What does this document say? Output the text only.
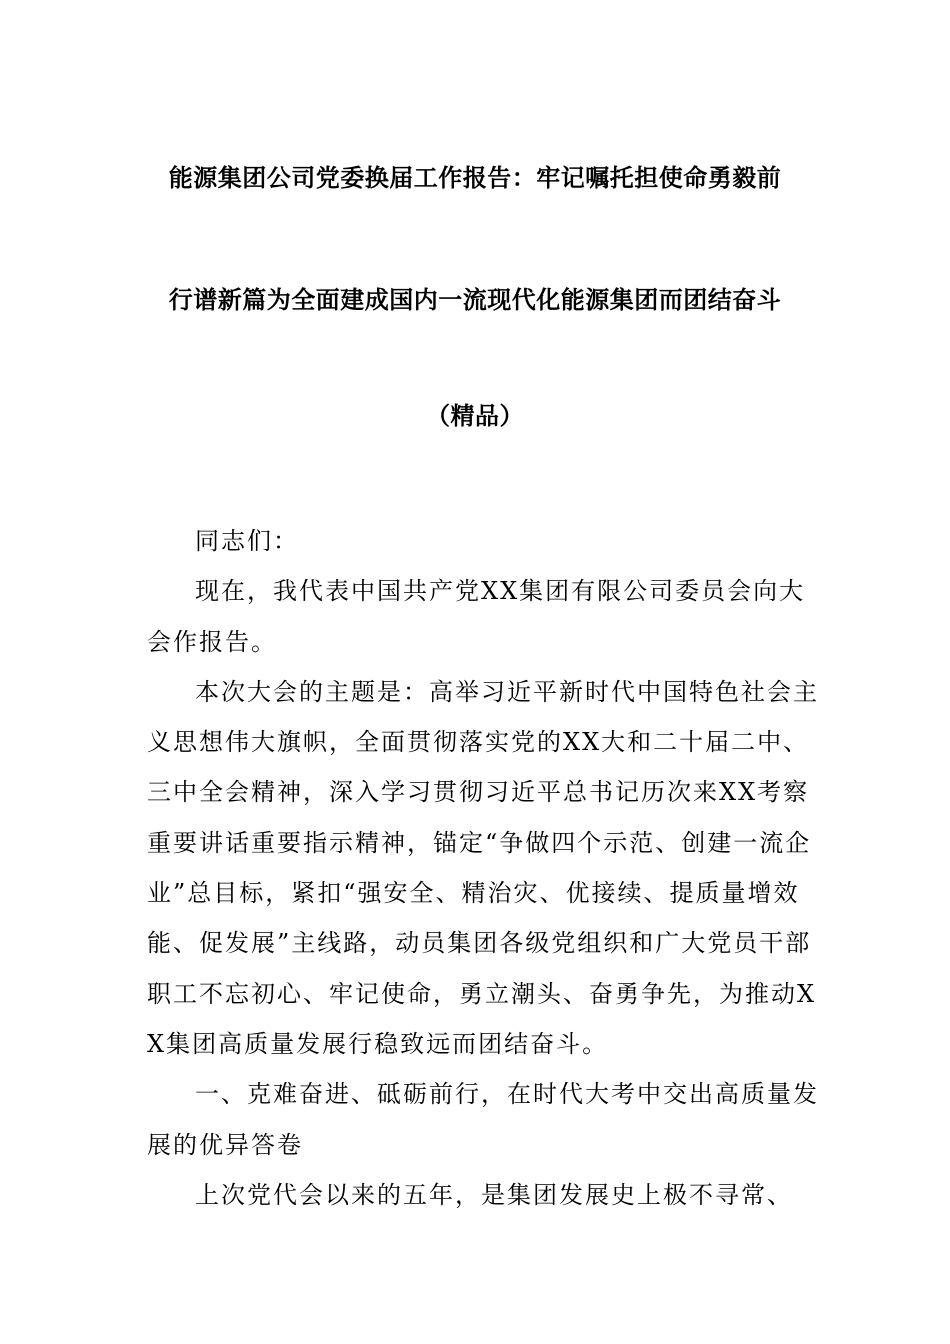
能源集团公司党委换届工作报告：牢记嘱托担使命勇毅前
行谱新篇为全面建成国内一流现代化能源集团而团结奋斗
（精品）

同志们：

现在，我代表中国共产党XX集团有限公司委员会向大会作报告。

本次大会的主题是：高举习近平新时代中国特色社会主义思想伟大旗帜，全面贯彻落实党的XX大和二十届二中、三中全会精神，深入学习贯彻习近平总书记历次来XX考察重要讲话重要指示精神，锚定“争做四个示范、创建一流企业”总目标，紧扣“强安全、精治灾、优接续、提质量增效能、促发展”主线路，动员集团各级党组织和广大党员干部职工不忘初心、牢记使命，勇立潮头、奋勇争先，为推动XX集团高质量发展行稳致远而团结奋斗。

一、克难奋进、砥砺前行，在时代大考中交出高质量发展的优异答卷

上次党代会以来的五年，是集团发展史上极不寻常、
